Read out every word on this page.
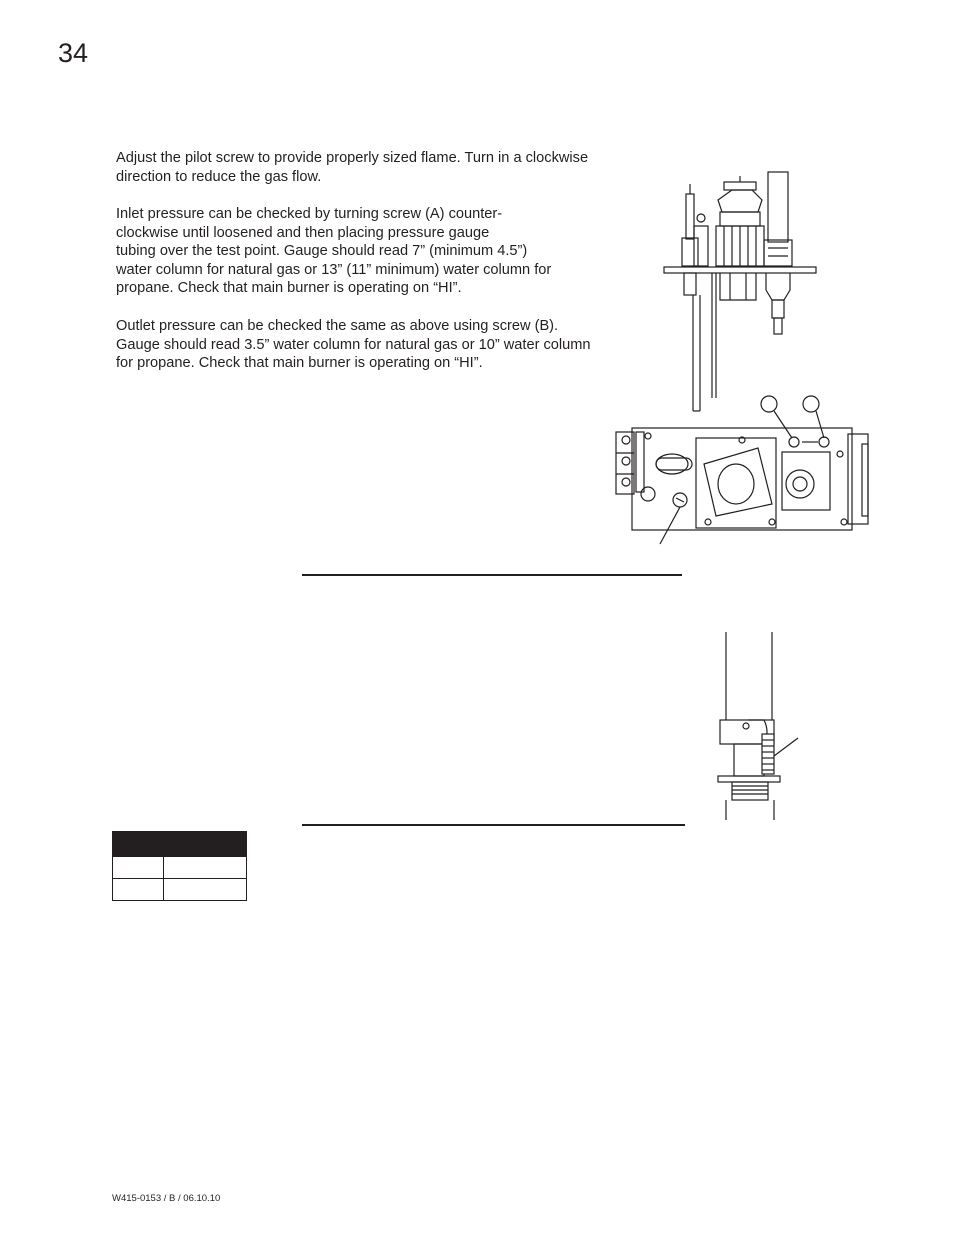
34

Adjust the pilot screw to provide properly sized flame. Turn in a clockwise
direction to reduce the gas flow.

Inlet pressure can be checked by turning screw (A) counter-
clockwise until loosened and then placing pressure gauge
tubing over the test point. Gauge should read 7” (minimum 4.5”)
water column for natural gas or 13” (11” minimum) water column for
propane. Check that main burner is operating on “HI”.

Outlet pressure can be checked the same as above using screw (B).
Gauge should read 3.5” water column for natural gas or 10” water column
for propane. Check that main burner is operating on “HI”.

W415-0153 / B / 06.10.10
